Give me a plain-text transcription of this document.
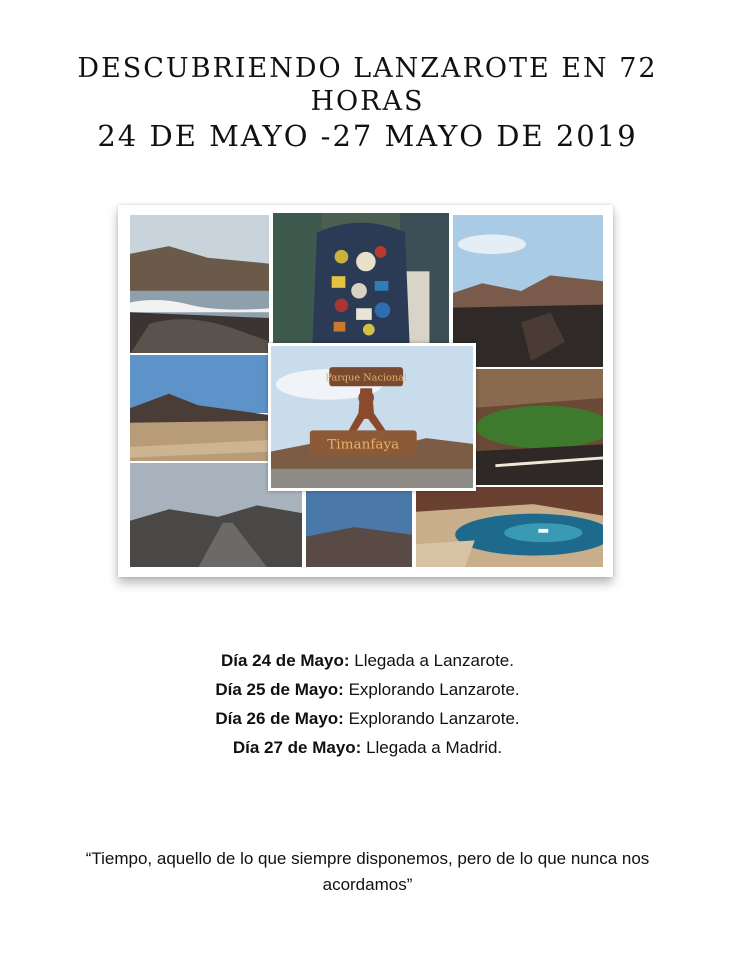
DESCUBRIENDO LANZAROTE EN 72
HORAS
24 DE MAYO -27 MAYO DE 2019
Parque Nacional
Timanfaya
Día 24 de Mayo: Llegada a Lanzarote.
Día 25 de Mayo: Explorando Lanzarote.
Día 26 de Mayo: Explorando Lanzarote.
Día 27 de Mayo: Llegada a Madrid.
“Tiempo, aquello de lo que siempre disponemos, pero de lo que nunca nos acordamos”
